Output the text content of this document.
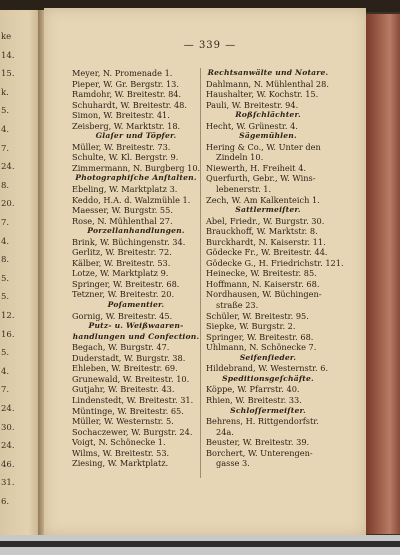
ke
14.
15.
k.
5.
4.
7.
24.
8.
20.
7.
4.
8.
5.
5.
12.
16.
5.
4.
7.
24.
30.
24.
46.
31.
6.
— 339 —
Meyer, N. Promenade 1.
Pieper, W. Gr. Bergstr. 13.
Ramdohr, W. Breitestr. 84.
Schuhardt, W. Breitestr. 48.
Simon, W. Breitestr. 41.
Zeisberg, W. Marktstr. 18.
Glaſer und Töpfer.
Müller, W. Breitestr. 73.
Schulte, W. Kl. Bergstr. 9.
Zimmermann, N. Burgberg 10.
Photographiſche Anſtalten.
Ebeling, W. Marktplatz 3.
Keddo, H.A. d. Walzmühle 1.
Maesser, W. Burgstr. 55.
Rose, N. Mühlenthal 27.
Porzellanhandlungen.
Brink, W. Büchingenstr. 34.
Gerlitz, W. Breitestr. 72.
Kälber, W. Breitestr. 53.
Lotze, W. Marktplatz 9.
Springer, W. Breitestr. 68.
Tetzner, W. Breitestr. 20.
Poſamentier.
Gornig, W. Breitestr. 45.
Putz- u. Weißwaaren-
handlungen und Confection.
Begach, W. Burgstr. 47.
Duderstadt, W. Burgstr. 38.
Ehleben, W. Breitestr. 69.
Grunewald, W. Breitestr. 10.
Gutjahr, W. Breitestr. 43.
Lindenstedt, W. Breitestr. 31.
Müntinge, W. Breitestr. 65.
Müller, W. Westernstr. 5.
Sochaczewer, W. Burgstr. 24.
Voigt, N. Schönecke 1.
Wilms, W. Breitestr. 53.
Ziesing, W. Marktplatz.
Rechtsanwälte und Notare.
Dahlmann, N. Mühlenthal 28.
Haushalter, W. Kochstr. 15.
Pauli, W. Breitestr. 94.
Roßſchlächter.
Hecht, W. Grünestr. 4.
Sägemühlen.
Hering & Co., W. Unter den
Zindeln 10.
Niewerth, H. Freiheit 4.
Querfurth, Gebr., W. Wins-
lebenerstr. 1.
Zech, W. Am Kalkenteich 1.
Sattlermeiſter.
Abel, Friedr., W. Burgstr. 30.
Brauckhoff, W. Marktstr. 8.
Burckhardt, N. Kaiserstr. 11.
Gödecke Fr., W. Breitestr. 44.
Gödecke G., H. Friedrichstr. 121.
Heinecke, W. Breitestr. 85.
Hoffmann, N. Kaiserstr. 68.
Nordhausen, W. Büchingen-
straße 23.
Schüler, W. Breitestr. 95.
Siepke, W. Burgstr. 2.
Springer, W. Breitestr. 68.
Uhlmann, N. Schönecke 7.
Seifenſieder.
Hildebrand, W. Westernstr. 6.
Speditionsgeſchäfte.
Köppe, W. Pfarrstr. 40.
Rhien, W. Breitestr. 33.
Schloſſermeiſter.
Behrens, H. Rittgendorfstr.
24a.
Beuster, W. Breitestr. 39.
Borchert, W. Unterengen-
gasse 3.
